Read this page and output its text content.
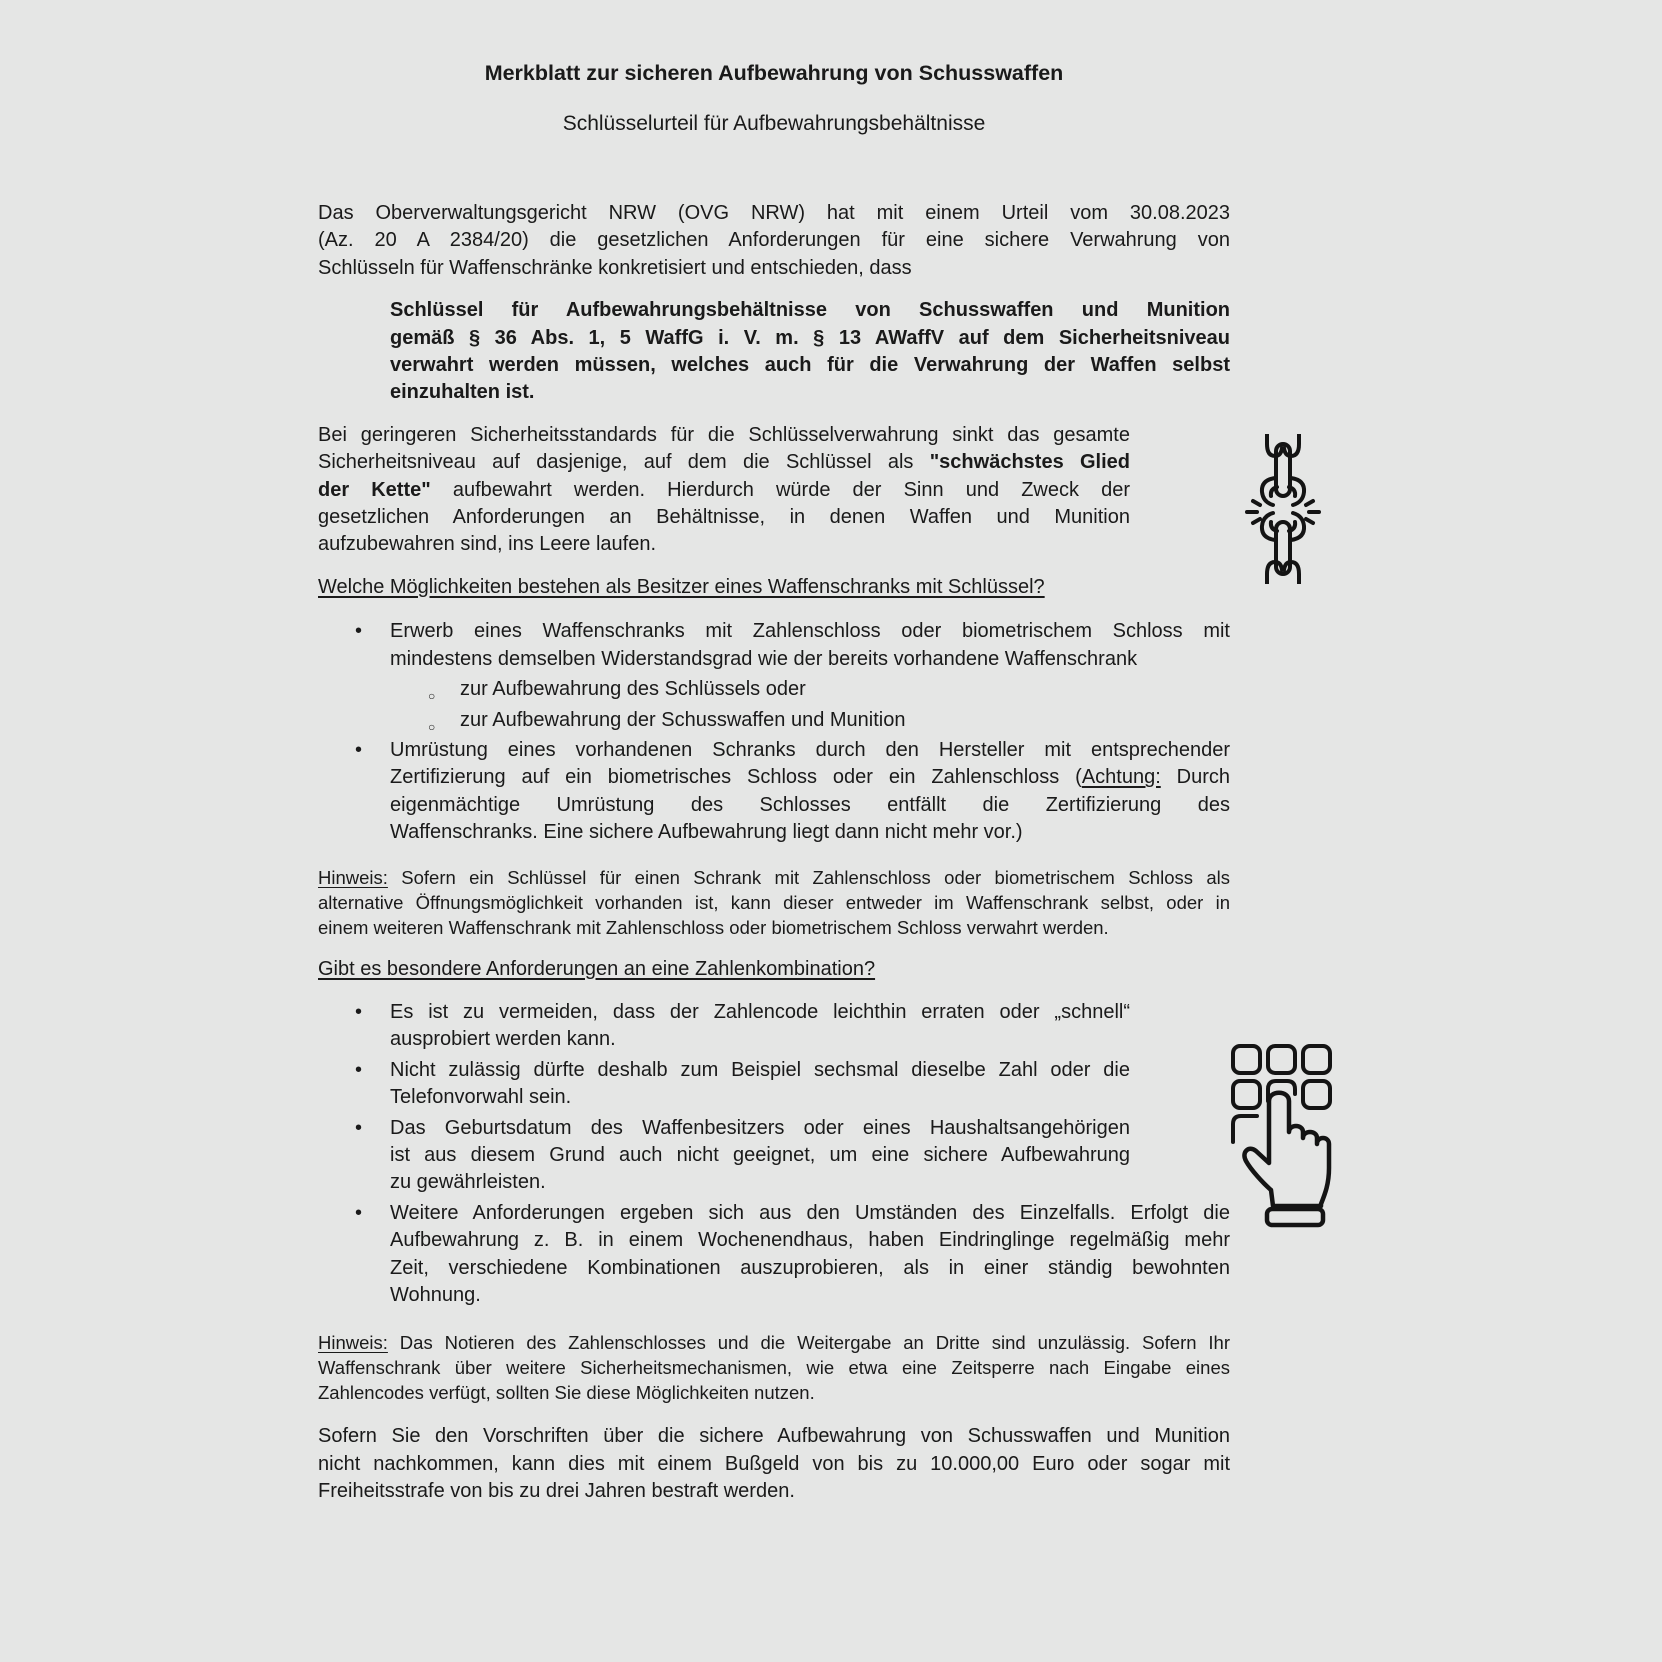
Merkblatt zur sicheren Aufbewahrung von Schusswaffen
Schlüsselurteil für Aufbewahrungsbehältnisse
Das Oberverwaltungsgericht NRW (OVG NRW) hat mit einem Urteil vom 30.08.2023
(Az. 20 A 2384/20) die gesetzlichen Anforderungen für eine sichere Verwahrung von
Schlüsseln für Waffenschränke konkretisiert und entschieden, dass
Schlüssel für Aufbewahrungsbehältnisse von Schusswaffen und Munition
gemäß § 36 Abs. 1, 5 WaffG i. V. m. § 13 AWaffV auf dem Sicherheitsniveau
verwahrt werden müssen, welches auch für die Verwahrung der Waffen selbst
einzuhalten ist.
Bei geringeren Sicherheitsstandards für die Schlüsselverwahrung sinkt das gesamte
Sicherheitsniveau auf dasjenige, auf dem die Schlüssel als "schwächstes Glied
der Kette" aufbewahrt werden. Hierdurch würde der Sinn und Zweck der
gesetzlichen Anforderungen an Behältnisse, in denen Waffen und Munition
aufzubewahren sind, ins Leere laufen.
Welche Möglichkeiten bestehen als Besitzer eines Waffenschranks mit Schlüssel?
• Erwerb eines Waffenschranks mit Zahlenschloss oder biometrischem Schloss mit
mindestens demselben Widerstandsgrad wie der bereits vorhandene Waffenschrank
○ zur Aufbewahrung des Schlüssels oder
○ zur Aufbewahrung der Schusswaffen und Munition
• Umrüstung eines vorhandenen Schranks durch den Hersteller mit entsprechender
Zertifizierung auf ein biometrisches Schloss oder ein Zahlenschloss (Achtung: Durch
eigenmächtige Umrüstung des Schlosses entfällt die Zertifizierung des
Waffenschranks. Eine sichere Aufbewahrung liegt dann nicht mehr vor.)
Hinweis: Sofern ein Schlüssel für einen Schrank mit Zahlenschloss oder biometrischem Schloss als
alternative Öffnungsmöglichkeit vorhanden ist, kann dieser entweder im Waffenschrank selbst, oder in
einem weiteren Waffenschrank mit Zahlenschloss oder biometrischem Schloss verwahrt werden.
Gibt es besondere Anforderungen an eine Zahlenkombination?
• Es ist zu vermeiden, dass der Zahlencode leichthin erraten oder „schnell“
ausprobiert werden kann.
• Nicht zulässig dürfte deshalb zum Beispiel sechsmal dieselbe Zahl oder die
Telefonvorwahl sein.
• Das Geburtsdatum des Waffenbesitzers oder eines Haushaltsangehörigen
ist aus diesem Grund auch nicht geeignet, um eine sichere Aufbewahrung
zu gewährleisten.
• Weitere Anforderungen ergeben sich aus den Umständen des Einzelfalls. Erfolgt die
Aufbewahrung z. B. in einem Wochenendhaus, haben Eindringlinge regelmäßig mehr
Zeit, verschiedene Kombinationen auszuprobieren, als in einer ständig bewohnten
Wohnung.
Hinweis: Das Notieren des Zahlenschlosses und die Weitergabe an Dritte sind unzulässig. Sofern Ihr
Waffenschrank über weitere Sicherheitsmechanismen, wie etwa eine Zeitsperre nach Eingabe eines
Zahlencodes verfügt, sollten Sie diese Möglichkeiten nutzen.
Sofern Sie den Vorschriften über die sichere Aufbewahrung von Schusswaffen und Munition
nicht nachkommen, kann dies mit einem Bußgeld von bis zu 10.000,00 Euro oder sogar mit
Freiheitsstrafe von bis zu drei Jahren bestraft werden.
